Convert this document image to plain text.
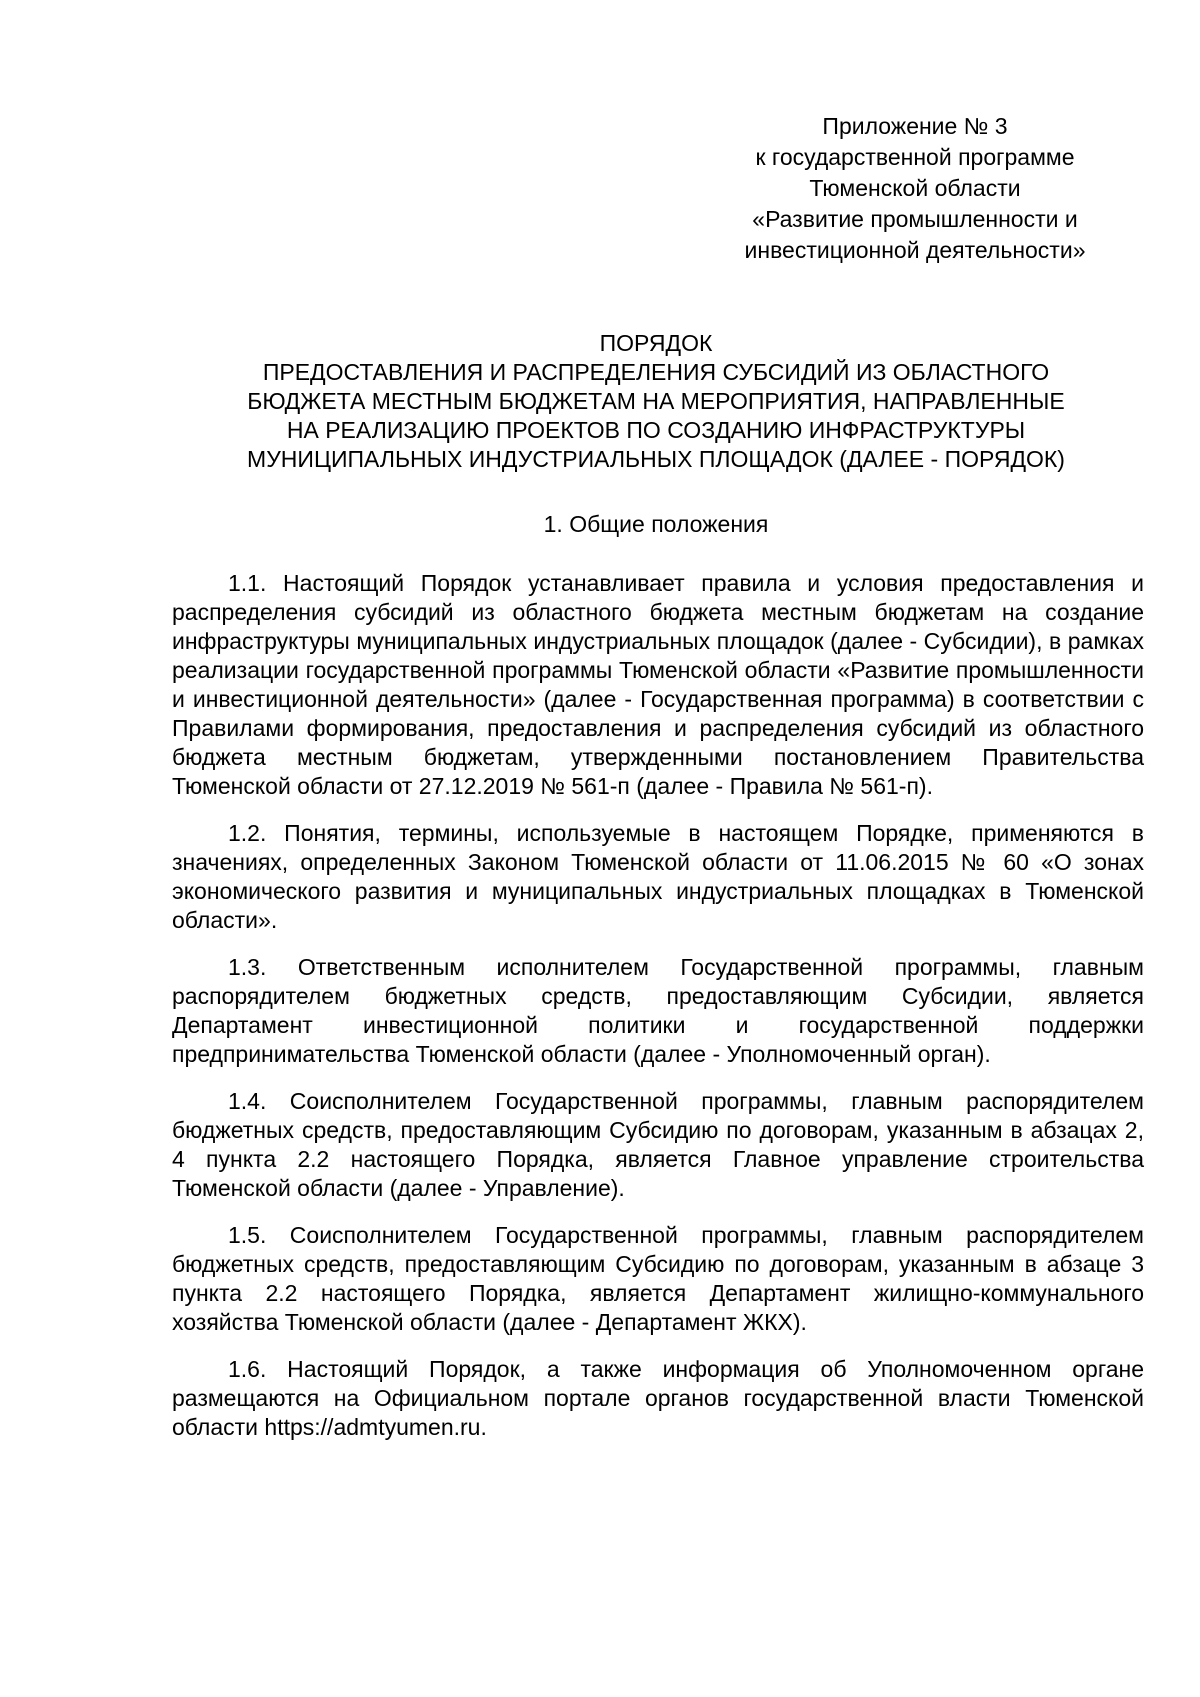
Приложение № 3
к государственной программе
Тюменской области
«Развитие промышленности и
инвестиционной деятельности»
ПОРЯДОК
ПРЕДОСТАВЛЕНИЯ И РАСПРЕДЕЛЕНИЯ СУБСИДИЙ ИЗ ОБЛАСТНОГО
БЮДЖЕТА МЕСТНЫМ БЮДЖЕТАМ НА МЕРОПРИЯТИЯ, НАПРАВЛЕННЫЕ
НА РЕАЛИЗАЦИЮ ПРОЕКТОВ ПО СОЗДАНИЮ ИНФРАСТРУКТУРЫ
МУНИЦИПАЛЬНЫХ ИНДУСТРИАЛЬНЫХ ПЛОЩАДОК (ДАЛЕЕ - ПОРЯДОК)
1. Общие положения

1.1. Настоящий Порядок устанавливает правила и условия предоставления и распределения субсидий из областного бюджета местным бюджетам на создание инфраструктуры муниципальных индустриальных площадок (далее - Субсидии), в рамках реализации государственной программы Тюменской области «Развитие промышленности и инвестиционной деятельности» (далее - Государственная программа) в соответствии с Правилами формирования, предоставления и распределения субсидий из областного бюджета местным бюджетам, утвержденными постановлением Правительства Тюменской области от 27.12.2019 № 561-п (далее - Правила № 561-п).

1.2. Понятия, термины, используемые в настоящем Порядке, применяются в значениях, определенных Законом Тюменской области от 11.06.2015 № 60 «О зонах экономического развития и муниципальных индустриальных площадках в Тюменской области».

1.3. Ответственным исполнителем Государственной программы, главным распорядителем бюджетных средств, предоставляющим Субсидии, является Департамент инвестиционной политики и государственной поддержки предпринимательства Тюменской области (далее - Уполномоченный орган).

1.4. Соисполнителем Государственной программы, главным распорядителем бюджетных средств, предоставляющим Субсидию по договорам, указанным в абзацах 2, 4 пункта 2.2 настоящего Порядка, является Главное управление строительства Тюменской области (далее - Управление).

1.5. Соисполнителем Государственной программы, главным распорядителем бюджетных средств, предоставляющим Субсидию по договорам, указанным в абзаце 3 пункта 2.2 настоящего Порядка, является Департамент жилищно-коммунального хозяйства Тюменской области (далее - Департамент ЖКХ).

1.6. Настоящий Порядок, а также информация об Уполномоченном органе размещаются на Официальном портале органов государственной власти Тюменской области https://admtyumen.ru.
